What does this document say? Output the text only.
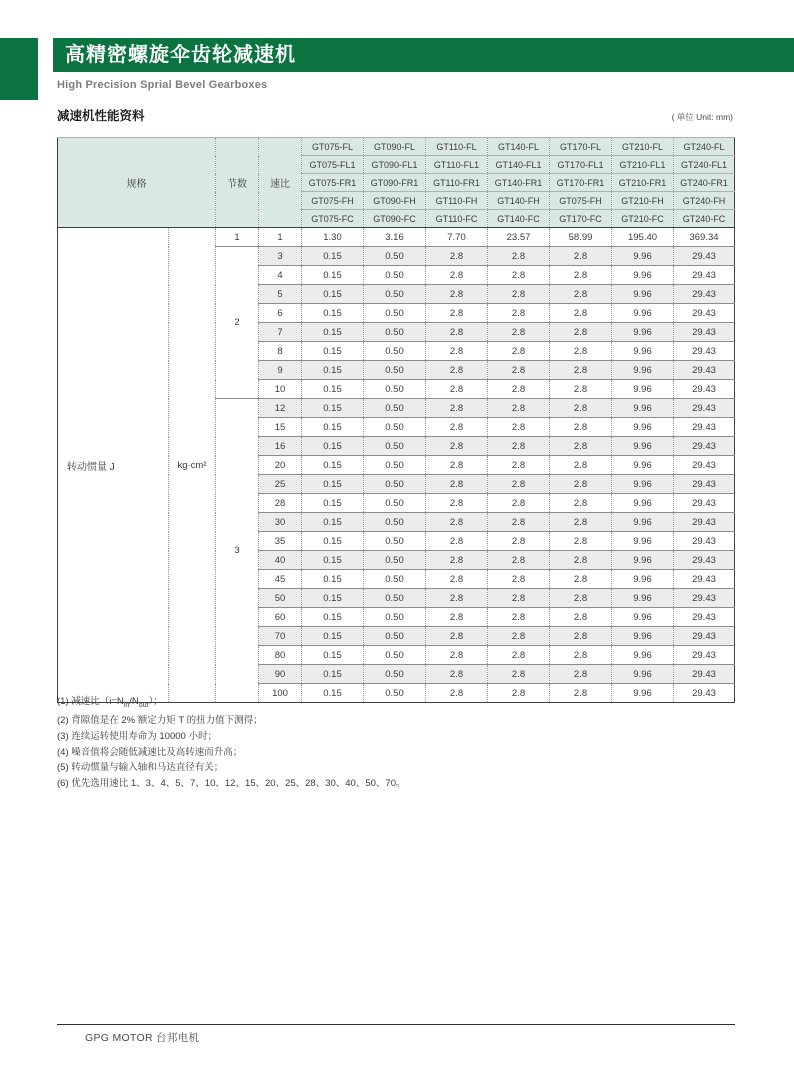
高精密螺旋伞齿轮减速机
High Precision Sprial Bevel Gearboxes
减速机性能资料	( 单位 Unit: mm)
规格		节数	速比	GT075-FL	GT090-FL	GT110-FL	GT140-FL	GT170-FL	GT210-FL	GT240-FL
				GT075-FL1	GT090-FL1	GT110-FL1	GT140-FL1	GT170-FL1	GT210-FL1	GT240-FL1
				GT075-FR1	GT090-FR1	GT110-FR1	GT140-FR1	GT170-FR1	GT210-FR1	GT240-FR1
				GT075-FH	GT090-FH	GT110-FH	GT140-FH	GT075-FH	GT210-FH	GT240-FH
				GT075-FC	GT090-FC	GT110-FC	GT140-FC	GT170-FC	GT210-FC	GT240-FC
转动惯量 J	kg·cm²	1	1	1.30	3.16	7.70	23.57	58.99	195.40	369.34
		2	3	0.15	0.50	2.8	2.8	2.8	9.96	29.43
			4	0.15	0.50	2.8	2.8	2.8	9.96	29.43
			5	0.15	0.50	2.8	2.8	2.8	9.96	29.43
			6	0.15	0.50	2.8	2.8	2.8	9.96	29.43
			7	0.15	0.50	2.8	2.8	2.8	9.96	29.43
			8	0.15	0.50	2.8	2.8	2.8	9.96	29.43
			9	0.15	0.50	2.8	2.8	2.8	9.96	29.43
			10	0.15	0.50	2.8	2.8	2.8	9.96	29.43
		3	12	0.15	0.50	2.8	2.8	2.8	9.96	29.43
			15	0.15	0.50	2.8	2.8	2.8	9.96	29.43
			16	0.15	0.50	2.8	2.8	2.8	9.96	29.43
			20	0.15	0.50	2.8	2.8	2.8	9.96	29.43
			25	0.15	0.50	2.8	2.8	2.8	9.96	29.43
			28	0.15	0.50	2.8	2.8	2.8	9.96	29.43
			30	0.15	0.50	2.8	2.8	2.8	9.96	29.43
			35	0.15	0.50	2.8	2.8	2.8	9.96	29.43
			40	0.15	0.50	2.8	2.8	2.8	9.96	29.43
			45	0.15	0.50	2.8	2.8	2.8	9.96	29.43
			50	0.15	0.50	2.8	2.8	2.8	9.96	29.43
			60	0.15	0.50	2.8	2.8	2.8	9.96	29.43
			70	0.15	0.50	2.8	2.8	2.8	9.96	29.43
			80	0.15	0.50	2.8	2.8	2.8	9.96	29.43
			90	0.15	0.50	2.8	2.8	2.8	9.96	29.43
			100	0.15	0.50	2.8	2.8	2.8	9.96	29.43
(1) 减速比$(i=N_{in}/N_{out})$；
(2) 背隙值是在 2% 额定力矩 T 的扭力值下测得；
(3) 连续运转使用寿命为 10000 小时；
(4) 噪音值将会随低减速比及高转速而升高；
(5) 转动惯量与输入轴和马达直径有关；
(6) 优先选用速比 1、3、4、5、7、10、12、15、20、25、28、30、40、50、70。
GPG MOTOR 台邦电机
